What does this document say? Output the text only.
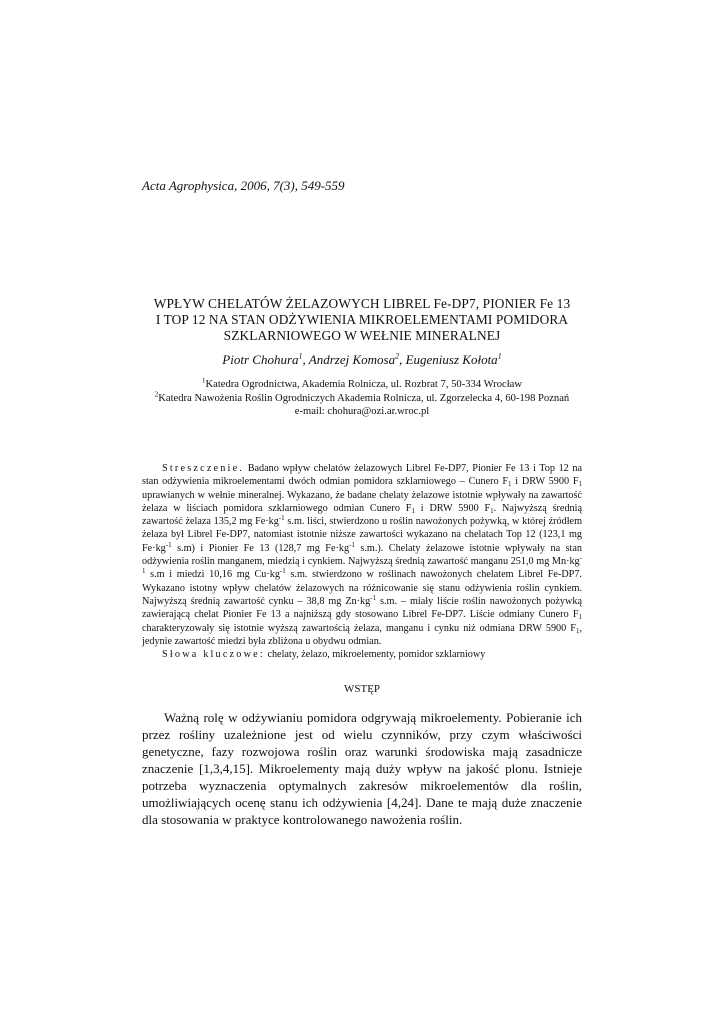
Acta Agrophysica, 2006, 7(3), 549-559
WPŁYW CHELATÓW ŻELAZOWYCH LIBREL Fe-DP7, PIONIER Fe 13
I TOP 12 NA STAN ODŻYWIENIA MIKROELEMENTAMI POMIDORA
SZKLARNIOWEGO W WEŁNIE MINERALNEJ
Piotr Chohura$^1$, Andrzej Komosa$^2$, Eugeniusz Kołota$^1$
$^1$Katedra Ogrodnictwa, Akademia Rolnicza, ul. Rozbrat 7, 50-334 Wrocław
$^2$Katedra Nawożenia Roślin Ogrodniczych Akademia Rolnicza, ul. Zgorzelecka 4, 60-198 Poznań
e-mail: chohura@ozi.ar.wroc.pl

Streszczenie. Badano wpływ chelatów żelazowych Librel Fe-DP7, Pionier Fe 13 i Top 12 na stan odżywienia mikroelementami dwóch odmian pomidora szklarniowego – Cunero $F_1$ i DRW 5900 $F_1$ uprawianych w wełnie mineralnej. Wykazano, że badane chelaty żelazowe istotnie wpływały na zawartość żelaza w liściach pomidora szklarniowego odmian Cunero $F_1$ i DRW 5900 $F_1$. Najwyższą średnią zawartość żelaza 135,2 mg $Fe\cdot kg^{-1}$ s.m. liści, stwierdzono u roślin nawożonych pożywką, w której źródłem żelaza był Librel Fe-DP7, natomiast istotnie niższe zawartości wykazano na chelatach Top 12 (123,1 mg $Fe\cdot kg^{-1}$ s.m) i Pionier Fe 13 (128,7 mg $Fe\cdot kg^{-1}$ s.m.). Chelaty żelazowe istotnie wpływały na stan odżywienia roślin manganem, miedzią i cynkiem. Najwyższą średnią zawartość manganu 251,0 mg $Mn\cdot kg^{-1}$ s.m i miedzi 10,16 mg $Cu\cdot kg^{-1}$ s.m. stwierdzono w roślinach nawożonych chelatem Librel Fe-DP7. Wykazano istotny wpływ chelatów żelazowych na różnicowanie się stanu odżywienia roślin cynkiem. Najwyższą średnią zawartość cynku – 38,8 mg $Zn\cdot kg^{-1}$ s.m. – miały liście roślin nawożonych pożywką zawierającą chelat Pionier Fe 13 a najniższą gdy stosowano Librel Fe-DP7. Liście odmiany Cunero $F_1$ charakteryzowały się istotnie wyższą zawartością żelaza, manganu i cynku niż odmiana DRW 5900 $F_1$, jedynie zawartość miedzi była zbliżona u obydwu odmian.

Słowa kluczowe: chelaty, żelazo, mikroelementy, pomidor szklarniowy

WSTĘP

Ważną rolę w odżywianiu pomidora odgrywają mikroelementy. Pobieranie ich przez rośliny uzależnione jest od wielu czynników, przy czym właściwości genetyczne, fazy rozwojowa roślin oraz warunki środowiska mają zasadnicze znaczenie [1,3,4,15]. Mikroelementy mają duży wpływ na jakość plonu. Istnieje potrzeba wyznaczenia optymalnych zakresów mikroelementów dla roślin, umożliwiających ocenę stanu ich odżywienia [4,24]. Dane te mają duże znaczenie dla stosowania w praktyce kontrolowanego nawożenia roślin.
